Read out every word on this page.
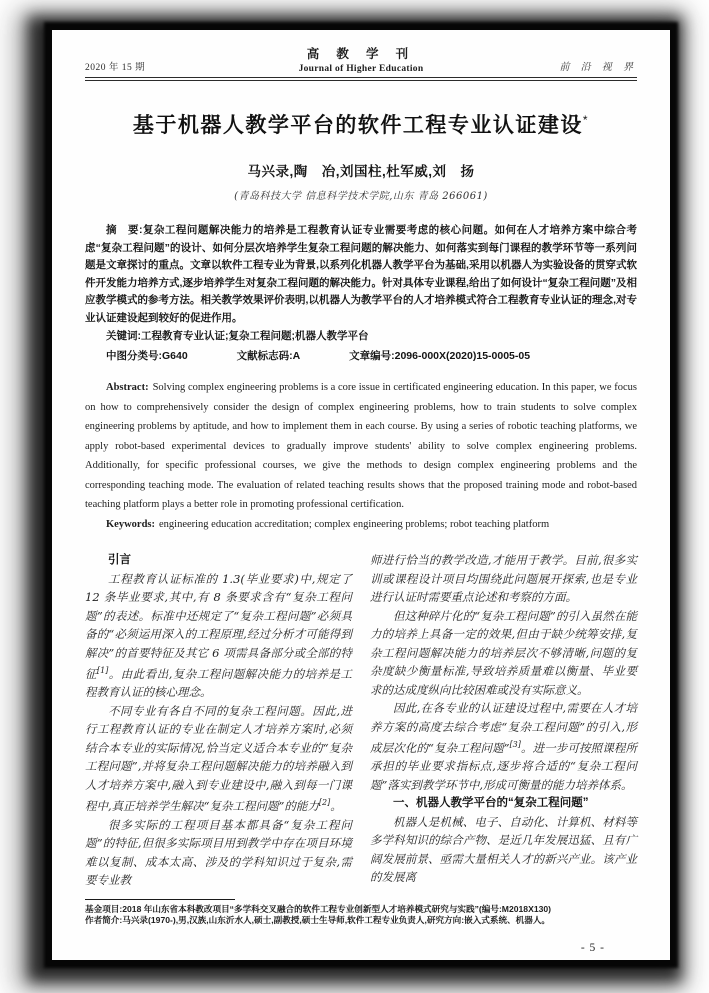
2020 年 15 期
高 教 学 刊
Journal of Higher Education	前 沿 视 界
基于机器人教学平台的软件工程专业认证建设*
马兴录,陶　冶,刘国柱,杜军威,刘　扬
(青岛科技大学 信息科学技术学院,山东 青岛 266061)

摘　要:复杂工程问题解决能力的培养是工程教育认证专业需要考虑的核心问题。如何在人才培养方案中综合考虑“复杂工程问题”的设计、如何分层次培养学生复杂工程问题的解决能力、如何落实到每门课程的教学环节等一系列问题是文章探讨的重点。文章以软件工程专业为背景,以系列化机器人教学平台为基础,采用以机器人为实验设备的贯穿式软件开发能力培养方式,逐步培养学生对复杂工程问题的解决能力。针对具体专业课程,给出了如何设计“复杂工程问题”及相应教学模式的参考方法。相关教学效果评价表明,以机器人为教学平台的人才培养模式符合工程教育专业认证的理念,对专业认证建设起到较好的促进作用。

关键词:工程教育专业认证;复杂工程问题;机器人教学平台

中图分类号:G640	文献标志码:A	文章编号:2096-000X(2020)15-0005-05

Abstract: Solving complex engineering problems is a core issue in certificated engineering education. In this paper, we focus on how to comprehensively consider the design of complex engineering problems, how to train students to solve complex engineering problems by aptitude, and how to implement them in each course. By using a series of robotic teaching platforms, we apply robot-based experimental devices to gradually improve students' ability to solve complex engineering problems. Additionally, for specific professional courses, we give the methods to design complex engineering problems and the corresponding teaching mode. The evaluation of related teaching results shows that the proposed training mode and robot-based teaching platform plays a better role in promoting professional certification.

Keywords: engineering education accreditation; complex engineering problems; robot teaching platform

引言

工程教育认证标准的 1.3(毕业要求)中,规定了 12 条毕业要求,其中,有 8 条要求含有“复杂工程问题”的表述。标准中还规定了“复杂工程问题”必须具备的“必须运用深入的工程原理,经过分析才可能得到解决”的首要特征及其它 6 项需具备部分或全部的特征[1]。由此看出,复杂工程问题解决能力的培养是工程教育认证的核心理念。

不同专业有各自不同的复杂工程问题。因此,进行工程教育认证的专业在制定人才培养方案时,必须结合本专业的实际情况,恰当定义适合本专业的“复杂工程问题”,并将复杂工程问题解决能力的培养融入到人才培养方案中,融入到专业建设中,融入到每一门课程中,真正培养学生解决“复杂工程问题”的能力[2]。

很多实际的工程项目基本都具备“复杂工程问题”的特征,但很多实际项目用到教学中存在项目环境难以复制、成本太高、涉及的学科知识过于复杂,需要专业教

师进行恰当的教学改造,才能用于教学。目前,很多实训或课程设计项目均围绕此问题展开探索,也是专业进行认证时需要重点论述和考察的方面。

但这种碎片化的“复杂工程问题”的引入虽然在能力的培养上具备一定的效果,但由于缺少统筹安排,复杂工程问题解决能力的培养层次不够清晰,问题的复杂度缺少衡量标准,导致培养质量难以衡量、毕业要求的达成度纵向比较困难或没有实际意义。

因此,在各专业的认证建设过程中,需要在人才培养方案的高度去综合考虑“复杂工程问题”的引入,形成层次化的“复杂工程问题”[3]。进一步可按照课程所承担的毕业要求指标点,逐步将合适的“复杂工程问题”落实到教学环节中,形成可衡量的能力培养体系。

一、机器人教学平台的“复杂工程问题”

机器人是机械、电子、自动化、计算机、材料等多学科知识的综合产物、是近几年发展迅猛、且有广阔发展前景、亟需大量相关人才的新兴产业。该产业的发展离

基金项目:2018 年山东省本科教改项目“多学科交叉融合的软件工程专业创新型人才培养模式研究与实践”(编号:M2018X130)

作者简介:马兴录(1970-),男,汉族,山东沂水人,硕士,副教授,硕士生导师,软件工程专业负责人,研究方向:嵌入式系统、机器人。

- 5 -
